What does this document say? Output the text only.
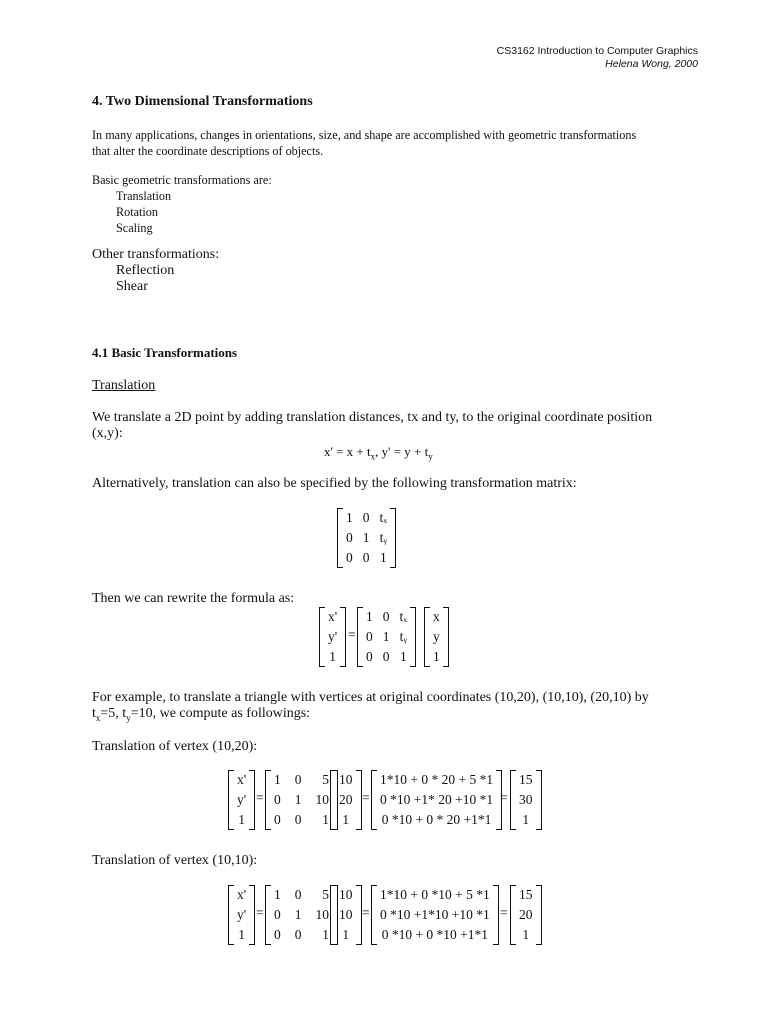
CS3162 Introduction to Computer Graphics
Helena Wong, 2000
4. Two Dimensional Transformations
In many applications, changes in orientations, size, and shape are accomplished with geometric transformations
that alter the coordinate descriptions of objects.
Basic geometric transformations are:
Translation
Rotation
Scaling
Other transformations:
Reflection
Shear
4.1 Basic Transformations
Translation
We translate a 2D point by adding translation distances, tx and ty, to the original coordinate position
(x,y):
$x' = x + t_x$, $y' = y + t_y$
Alternatively, translation can also be specified by the following transformation matrix:
1 0 tₓ
0 1 tᵧ
0 0 1
Then we can rewrite the formula as:
x'
y'
1
=
1 0 tₓ
0 1 tᵧ
0 0 1
x
y
1
For example, to translate a triangle with vertices at original coordinates (10,20), (10,10), (20,10) by
$t_x=5$, $t_y=10$, we compute as followings:
Translation of vertex (10,20):
x'
y'
1
=
1 0	5
0 1 10
0 0	1
10
20
1
=
1*10 + 0 * 20 + 5 *1
0 *10 +1* 20 +10 *1
0 *10 + 0 * 20 +1*1
=
15
30
1
Translation of vertex (10,10):
x'
y'
1
=
1 0	5
0 1 10
0 0	1
10
10
1
=
1*10 + 0 *10 + 5 *1
0 *10 +1*10 +10 *1
0 *10 + 0 *10 +1*1
=
15
20
1
